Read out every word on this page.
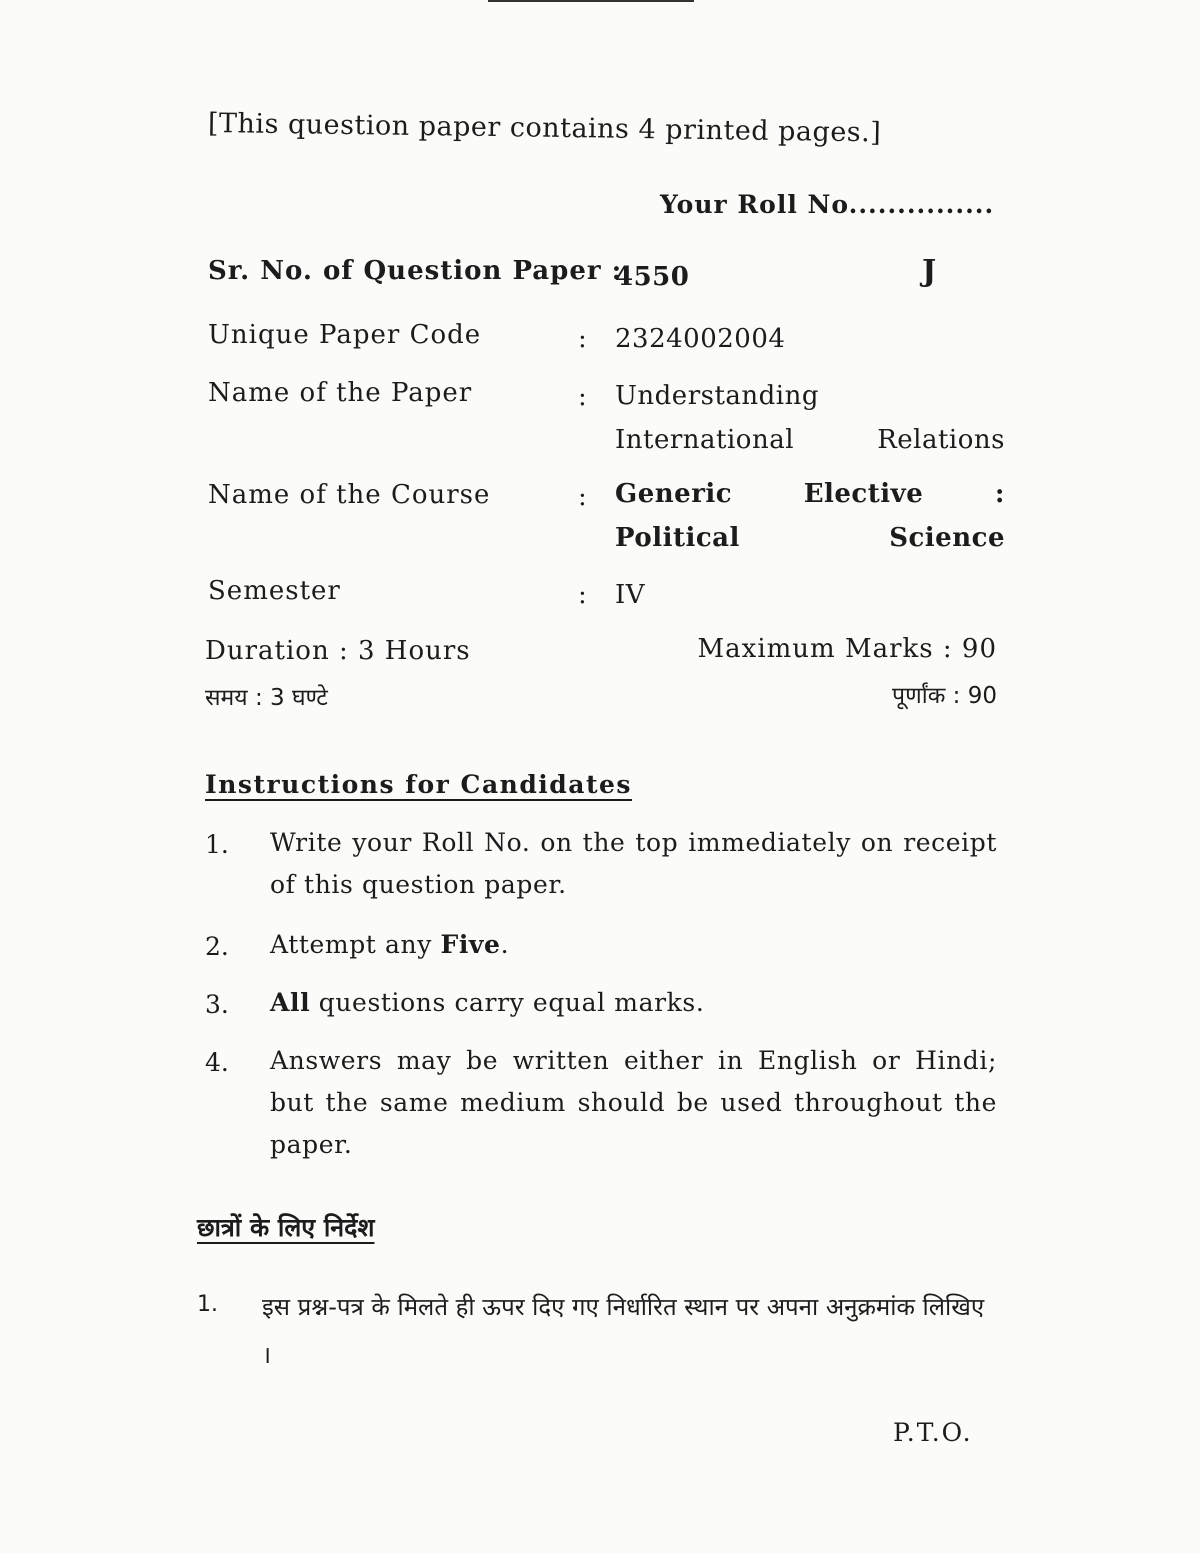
[This question paper contains 4 printed pages.]
Your Roll No...............
Sr. No. of Question Paper :
4550	J
Unique Paper Code	: 2324002004
Name of the Paper	: Understanding International Relations
Name of the Course	: Generic Elective : Political Science
Semester	: IV
Duration : 3 Hours	Maximum Marks : 90
समय : 3 घण्टे	पूर्णांक : 90
Instructions for Candidates
1. Write your Roll No. on the top immediately on receipt of this question paper.
2. Attempt any Five.
3. All questions carry equal marks.
4. Answers may be written either in English or Hindi; but the same medium should be used throughout the paper.
छात्रों के लिए निर्देश
1. इस प्रश्न-पत्र के मिलते ही ऊपर दिए गए निर्धारित स्थान पर अपना अनुक्रमांक लिखिए ।
P.T.O.
